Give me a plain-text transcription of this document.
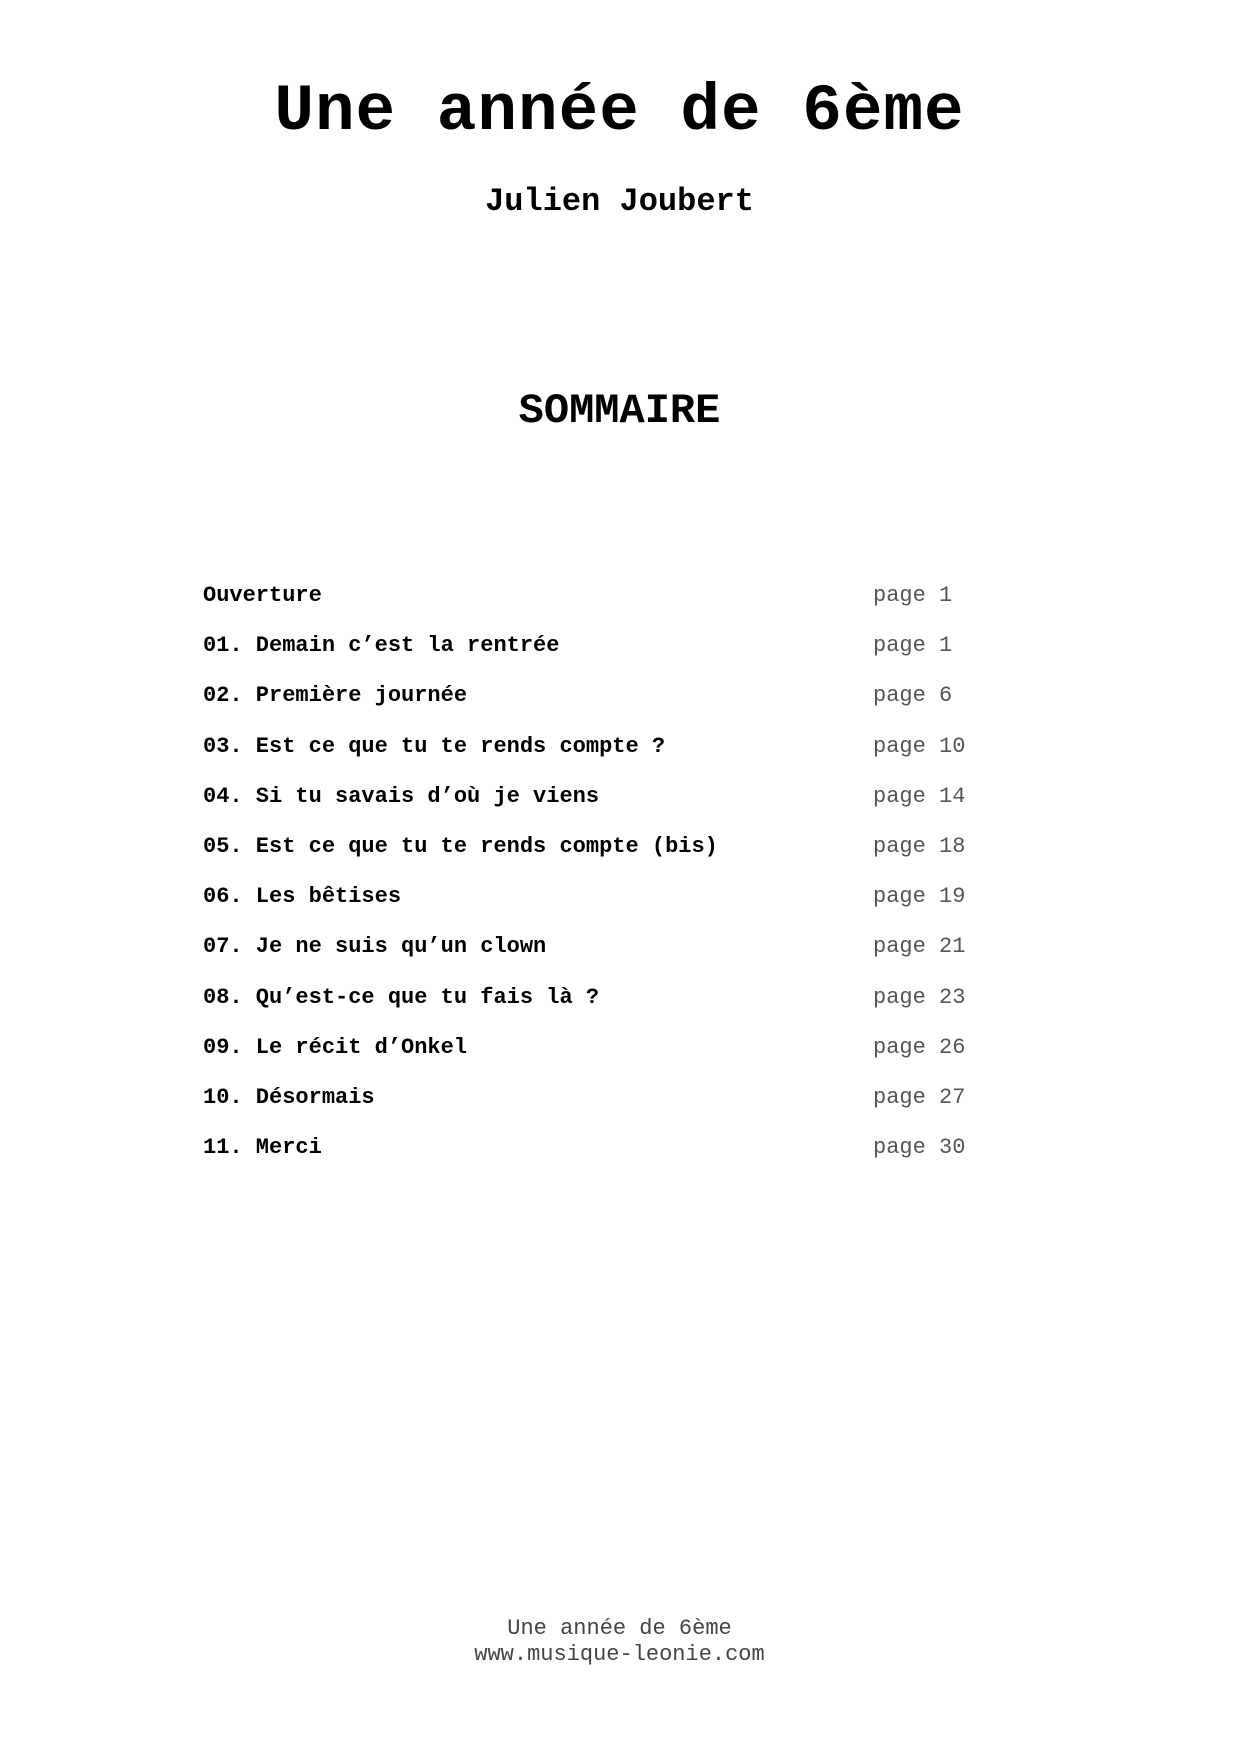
Une année de 6ème
Julien Joubert
SOMMAIRE
Ouverture	page 1
01. Demain c’est la rentrée	page 1
02. Première journée	page 6
03. Est ce que tu te rends compte ?	page 10
04. Si tu savais d’où je viens	page 14
05. Est ce que tu te rends compte (bis)	page 18
06. Les bêtises	page 19
07. Je ne suis qu’un clown	page 21
08. Qu’est-ce que tu fais là ?	page 23
09. Le récit d’Onkel	page 26
10. Désormais	page 27
11. Merci	page 30
Une année de 6ème
www.musique-leonie.com
